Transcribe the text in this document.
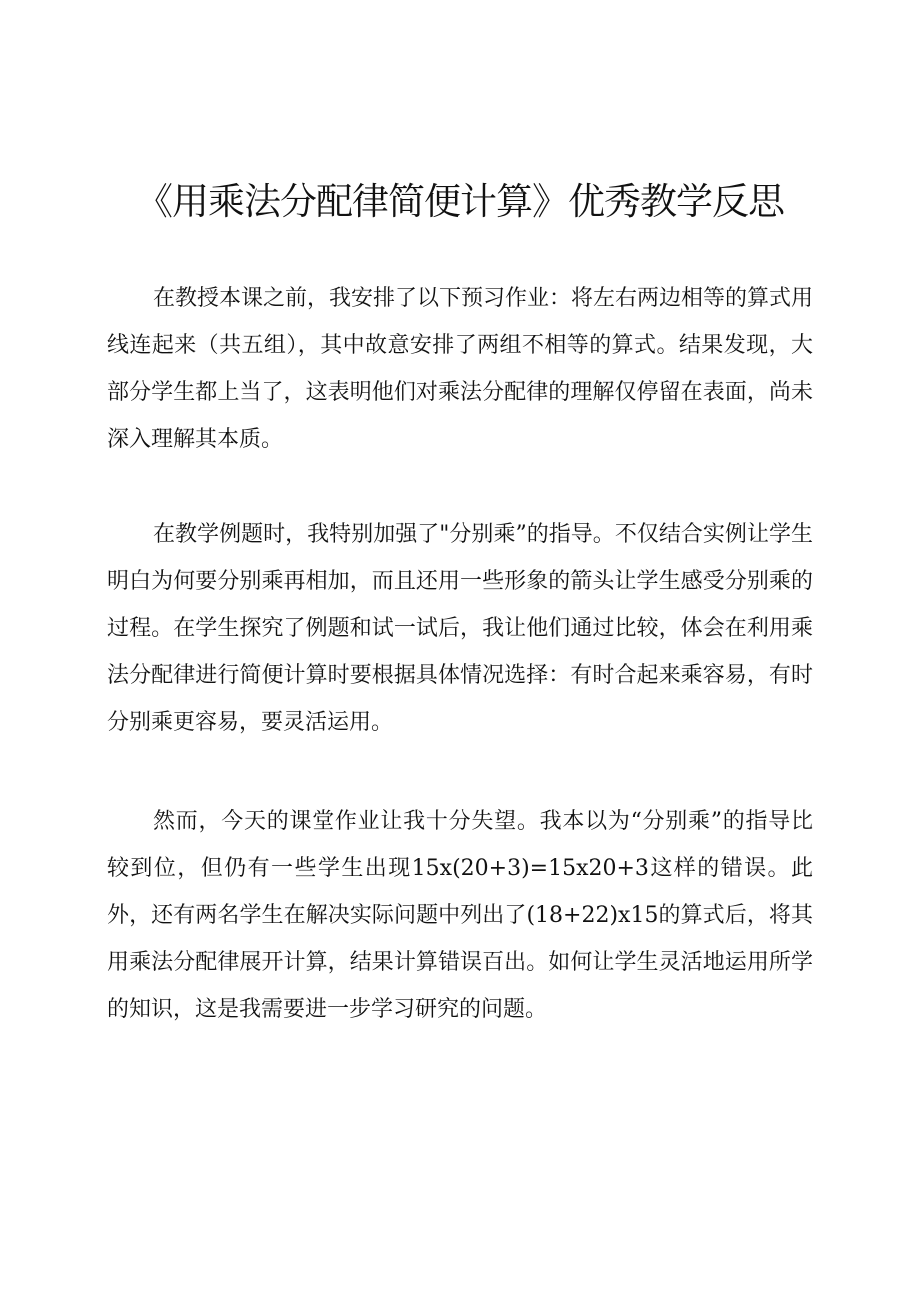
《用乘法分配律简便计算》优秀教学反思

在教授本课之前，我安排了以下预习作业：将左右两边相等的算式用线连起来（共五组），其中故意安排了两组不相等的算式。结果发现，大部分学生都上当了，这表明他们对乘法分配律的理解仅停留在表面，尚未深入理解其本质。

在教学例题时，我特别加强了"分别乘”的指导。不仅结合实例让学生明白为何要分别乘再相加，而且还用一些形象的箭头让学生感受分别乘的过程。在学生探究了例题和试一试后，我让他们通过比较，体会在利用乘法分配律进行简便计算时要根据具体情况选择：有时合起来乘容易，有时分别乘更容易，要灵活运用。

然而，今天的课堂作业让我十分失望。我本以为“分别乘”的指导比较到位，但仍有一些学生出现15x(20+3)=15x20+3这样的错误。此外，还有两名学生在解决实际问题中列出了(18+22)x15的算式后，将其用乘法分配律展开计算，结果计算错误百出。如何让学生灵活地运用所学的知识，这是我需要进一步学习研究的问题。
